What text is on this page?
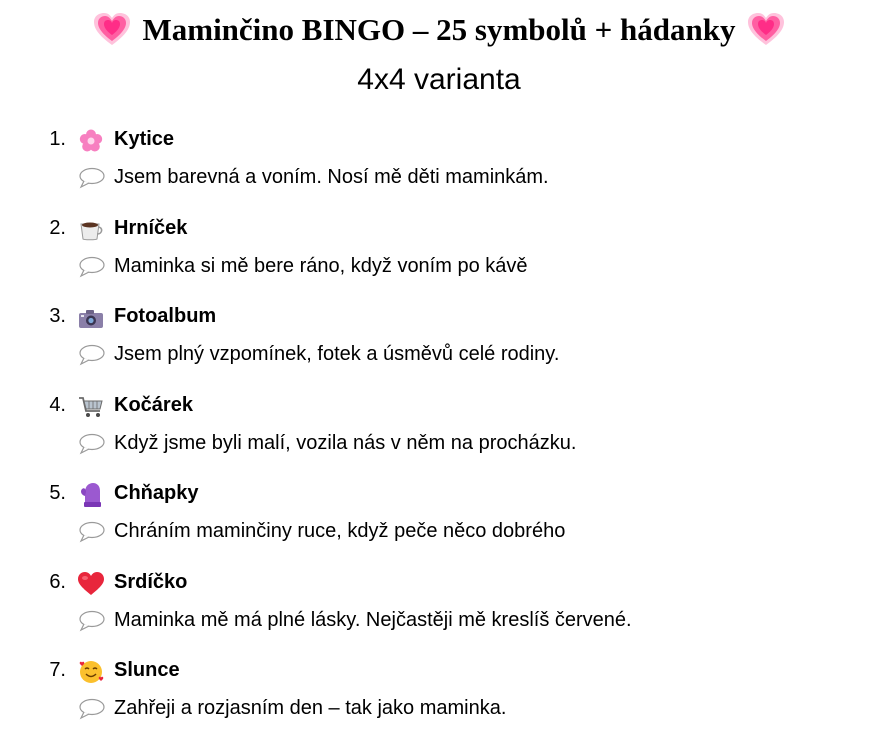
Maminčino BINGO – 25 symbolů + hádanky
4x4 varianta
1. Kytice
Jsem barevná a voním. Nosí mě děti maminkám.
2. Hrníček
Maminka si mě bere ráno, když voním po kávě
3. Fotoalbum
Jsem plný vzpomínek, fotek a úsměvů celé rodiny.
4. Kočárek
Když jsme byli malí, vozila nás v něm na procházku.
5. Chňapky
Chráním maminčiny ruce, když peče něco dobrého
6. Srdíčko
Maminka mě má plné lásky. Nejčastěji mě kreslíš červené.
7. Slunce
Zahřeji a rozjasním den – tak jako maminka.
